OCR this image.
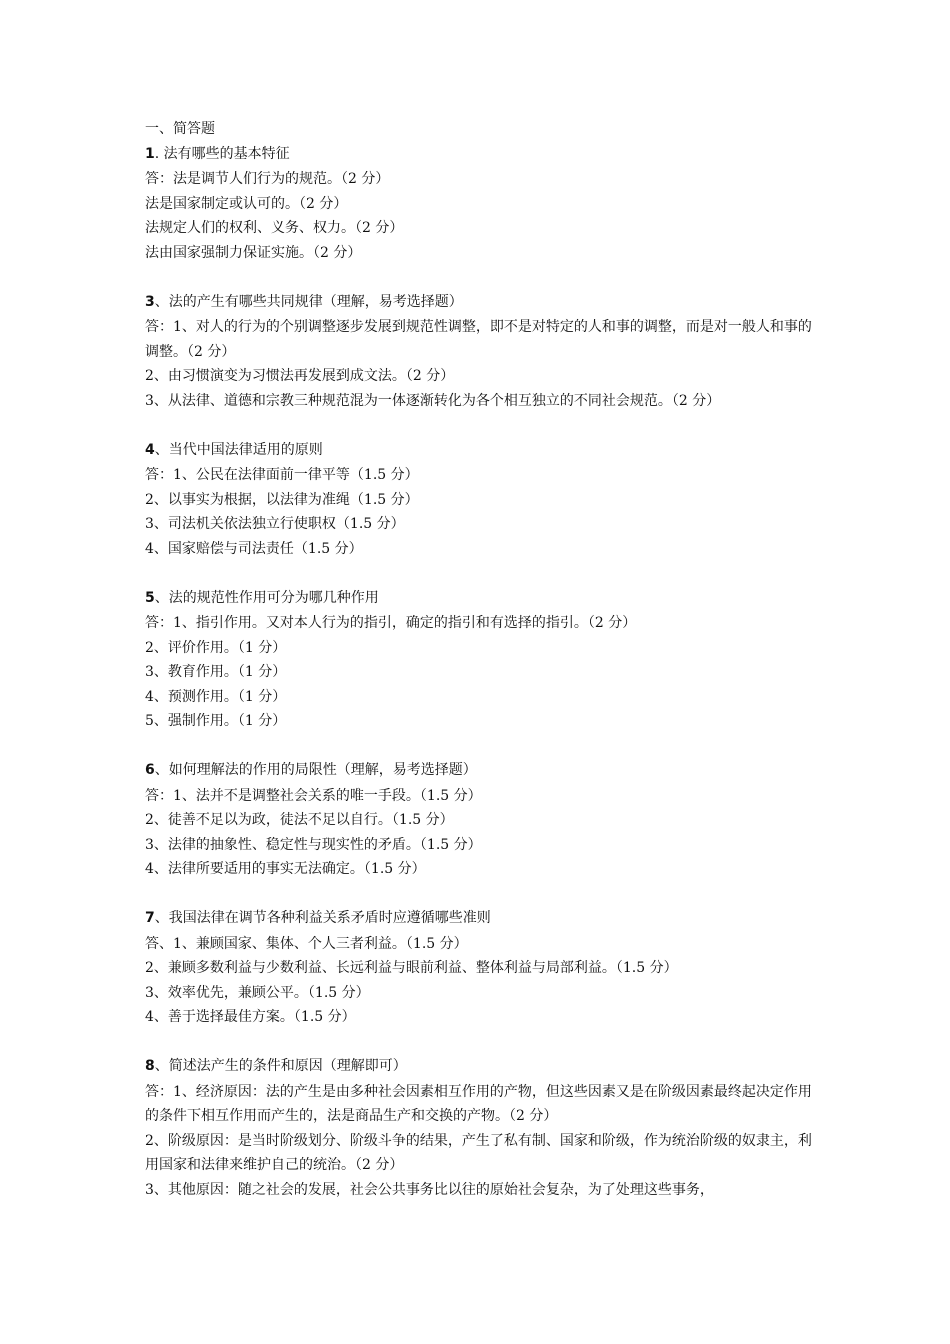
一、简答题
1. 法有哪些的基本特征
答：法是调节人们行为的规范。（2 分）
法是国家制定或认可的。（2 分）
法规定人们的权利、义务、权力。（2 分）
法由国家强制力保证实施。（2 分）
3、法的产生有哪些共同规律（理解，易考选择题）
答：1、对人的行为的个别调整逐步发展到规范性调整，即不是对特定的人和事的调整，而是对一般人和事的调整。（2 分）
2、由习惯演变为习惯法再发展到成文法。（2 分）
3、从法律、道德和宗教三种规范混为一体逐渐转化为各个相互独立的不同社会规范。（2 分）
4、当代中国法律适用的原则
答：1、公民在法律面前一律平等（1.5 分）
2、以事实为根据，以法律为准绳（1.5 分）
3、司法机关依法独立行使职权（1.5 分）
4、国家赔偿与司法责任（1.5 分）
5、法的规范性作用可分为哪几种作用
答：1、指引作用。又对本人行为的指引，确定的指引和有选择的指引。（2 分）
2、评价作用。（1 分）
3、教育作用。（1 分）
4、预测作用。（1 分）
5、强制作用。（1 分）
6、如何理解法的作用的局限性（理解，易考选择题）
答：1、法并不是调整社会关系的唯一手段。（1.5 分）
2、徒善不足以为政，徒法不足以自行。（1.5 分）
3、法律的抽象性、稳定性与现实性的矛盾。（1.5 分）
4、法律所要适用的事实无法确定。（1.5 分）
7、我国法律在调节各种利益关系矛盾时应遵循哪些准则
答、1、兼顾国家、集体、个人三者利益。（1.5 分）
2、兼顾多数利益与少数利益、长远利益与眼前利益、整体利益与局部利益。（1.5 分）
3、效率优先，兼顾公平。（1.5 分）
4、善于选择最佳方案。（1.5 分）
8、简述法产生的条件和原因（理解即可）
答：1、经济原因：法的产生是由多种社会因素相互作用的产物，但这些因素又是在阶级因素最终起决定作用的条件下相互作用而产生的，法是商品生产和交换的产物。（2 分）
2、阶级原因：是当时阶级划分、阶级斗争的结果，产生了私有制、国家和阶级，作为统治阶级的奴隶主，利用国家和法律来维护自己的统治。（2 分）
3、其他原因：随之社会的发展，社会公共事务比以往的原始社会复杂，为了处理这些事务，
